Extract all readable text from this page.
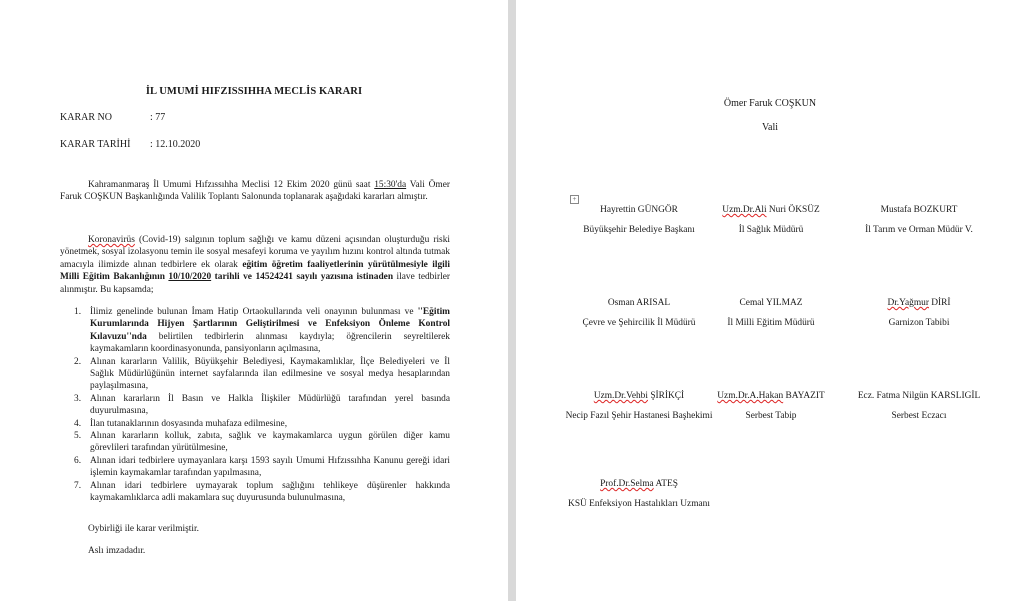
İL UMUMİ HIFZISSIHHA MECLİS KARARI
KARAR NO	: 77
KARAR TARİHİ : 12.10.2020

Kahramanmaraş İl Umumi Hıfzıssıhha Meclisi 12 Ekim 2020 günü saat 15:30'da Vali Ömer Faruk COŞKUN Başkanlığında Valilik Toplantı Salonunda toplanarak aşağıdaki kararları almıştır.

Koronavirüs (Covid-19) salgının toplum sağlığı ve kamu düzeni açısından oluşturduğu riski yönetmek, sosyal izolasyonu temin ile sosyal mesafeyi koruma ve yayılım hızını kontrol altında tutmak amacıyla ilimizde alınan tedbirlere ek olarak eğitim öğretim faaliyetlerinin yürütülmesiyle ilgili Milli Eğitim Bakanlığının 10/10/2020 tarihli ve 14524241 sayılı yazısına istinaden ilave tedbirler alınmıştır. Bu kapsamda;

1. İlimiz genelinde bulunan İmam Hatip Ortaokullarında veli onayının bulunması ve ''Eğitim Kurumlarında Hijyen Şartlarının Geliştirilmesi ve Enfeksiyon Önleme Kontrol Kılavuzu''nda belirtilen tedbirlerin alınması kaydıyla; öğrencilerin seyreltilerek kaymakamların koordinasyonunda, pansiyonların açılmasına,
2. Alınan kararların Valilik, Büyükşehir Belediyesi, Kaymakamlıklar, İlçe Belediyeleri ve İl Sağlık Müdürlüğünün internet sayfalarında ilan edilmesine ve sosyal medya hesaplarından paylaşılmasına,
3. Alınan kararların İl Basın ve Halkla İlişkiler Müdürlüğü tarafından yerel basında duyurulmasına,
4. İlan tutanaklarının dosyasında muhafaza edilmesine,
5. Alınan kararların kolluk, zabıta, sağlık ve kaymakamlarca uygun görülen diğer kamu görevlileri tarafından yürütülmesine,
6. Alınan idari tedbirlere uymayanlara karşı 1593 sayılı Umumi Hıfzıssıhha Kanunu gereği idari işlemin kaymakamlar tarafından yapılmasına,
7. Alınan idari tedbirlere uymayarak toplum sağlığını tehlikeye düşürenler hakkında kaymakamlıklarca adli makamlara suç duyurusunda bulunulmasına,
Oybirliği ile karar verilmiştir.
Aslı imzadadır.
Ömer Faruk COŞKUN
Vali
+
Hayrettin GÜNGÖR
Büyükşehir Belediye Başkanı
Uzm.Dr.Ali Nuri ÖKSÜZ
İl Sağlık Müdürü
Mustafa BOZKURT
İl Tarım ve Orman Müdür V.
Osman ARISAL
Çevre ve Şehircilik İl Müdürü
Cemal YILMAZ
İl Milli Eğitim Müdürü
Dr.Yağmur DİRİ
Garnizon Tabibi
Uzm.Dr.Vehbi ŞİRİKÇİ
Necip Fazıl Şehir Hastanesi Başhekimi
Uzm.Dr.A.Hakan BAYAZIT
Serbest Tabip
Ecz. Fatma Nilgün KARSLIGİL
Serbest Eczacı
Prof.Dr.Selma ATEŞ
KSÜ Enfeksiyon Hastalıkları Uzmanı
